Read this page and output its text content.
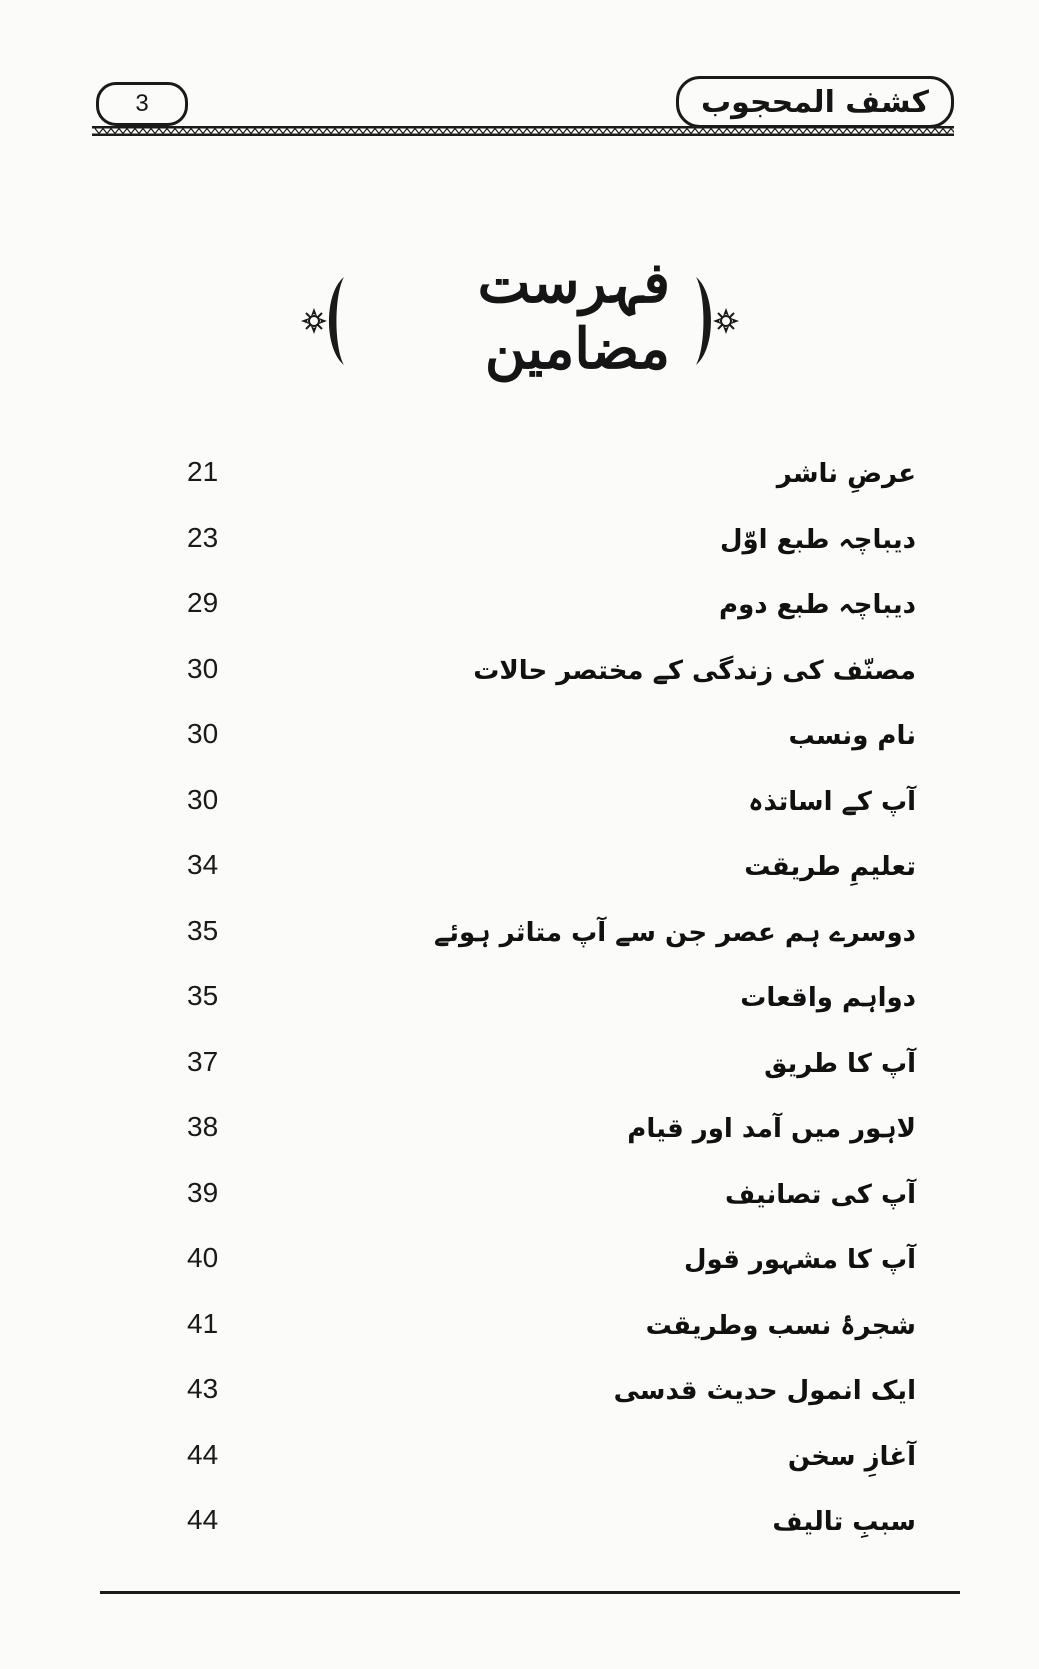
3	كشف المحجوب
فہرست مضامین
21	عرضِ ناشر
23	دیباچہ طبع اوّل
29	دیباچہ طبع دوم
30	مصنّف کی زندگی کے مختصر حالات
30	نام ونسب
30	آپ کے اساتذہ
34	تعلیمِ طریقت
35	دوسرے ہم عصر جن سے آپ متاثر ہوئے
35	دواہم واقعات
37	آپ کا طریق
38	لاہور میں آمد اور قیام
39	آپ کی تصانیف
40	آپ کا مشہور قول
41	شجرۂ نسب وطریقت
43	ایک انمول حدیث قدسی
44	آغازِ سخن
44	سببِ تالیف
